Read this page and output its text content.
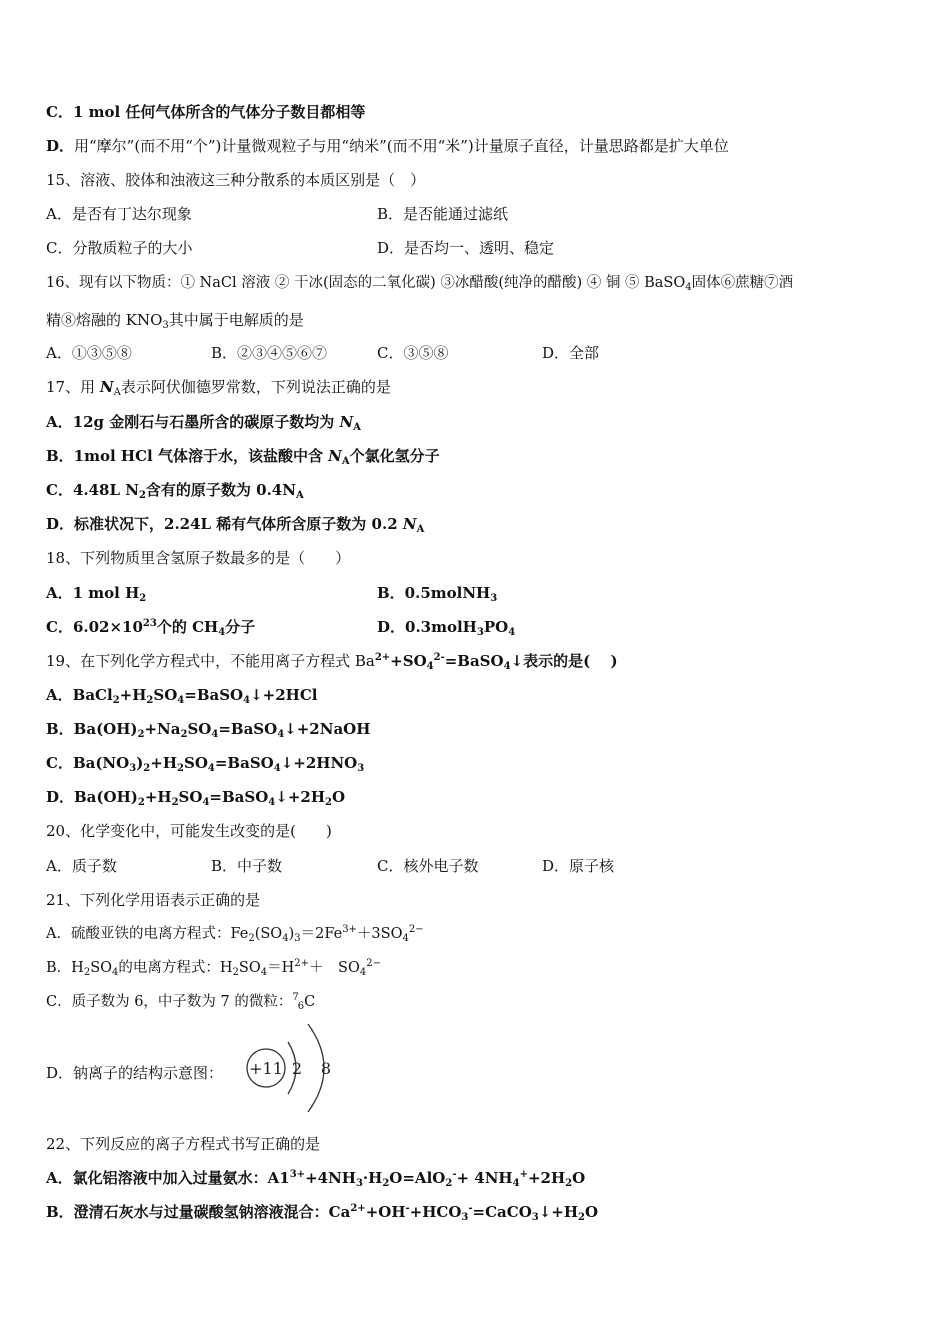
C．1 mol 任何气体所含的气体分子数目都相等
D．用“摩尔”(而不用“个”)计量微观粒子与用“纳米”(而不用“米”)计量原子直径，计量思路都是扩大单位
15、溶液、胶体和浊液这三种分散系的本质区别是（　）
A．是否有丁达尔现象	B．是否能通过滤纸
C．分散质粒子的大小	D．是否均一、透明、稳定
16、现有以下物质：① NaCl 溶液 ② 干冰(固态的二氧化碳) ③冰醋酸(纯净的醋酸) ④ 铜 ⑤ BaSO$_4$固体⑥蔗糖⑦酒
精⑧熔融的 $KNO_3$其中属于电解质的是
A．①③⑤⑧	B．②③④⑤⑥⑦	C．③⑤⑧	D．全部
17、用 $N_A$表示阿伏伽德罗常数，下列说法正确的是
A．12g 金刚石与石墨所含的碳原子数均为 $N_A$
B．1mol HCl 气体溶于水，该盐酸中含 $N_A$个氯化氢分子
C．4.48L $N_2$含有的原子数为 $0.4N_A$
D．标准状况下，2.24L 稀有气体所含原子数为 0.2 $N_A$
18、下列物质里含氢原子数最多的是（　　）
A．1 mol $H_2$	B．0.5molNH$_3$
C．$6.02\times 10^{23}$个的 $CH_4$分子	D．$0.3molH_3PO_4$
19、在下列化学方程式中，不能用离子方程式 $Ba^{2+}+SO_4^{2-}=BaSO_4↓$表示的是(　 )
A．$BaCl_2+H_2SO_4=BaSO_4↓+2HCl$
B．$Ba(OH)_2+Na_2SO_4=BaSO_4↓+2NaOH$
C．$Ba(NO_3)_2+H_2SO_4=BaSO_4↓+2HNO_3$
D．$Ba(OH)_2+H_2SO_4=BaSO_4↓+2H_2O$
20、化学变化中，可能发生改变的是(　　)
A．质子数	B．中子数	C．核外电子数	D．原子核
21、下列化学用语表示正确的是
A．硫酸亚铁的电离方程式：$Fe_2(SO_4)_3=2Fe^{3+}+3SO_4^{2-}$
B．$H_2SO_4$的电离方程式：$H_2SO_4=H^{2+}+$　$SO_4^{2-}$
C．质子数为 6，中子数为 7 的微粒：$^7_6$C
D．钠离子的结构示意图： +11 2 8
22、下列反应的离子方程式书写正确的是
A．氯化铝溶液中加入过量氨水：$A1^{3+}+4NH_3\cdot H_2O=AlO_2^-+ 4NH_4^++2H_2O$
B．澄清石灰水与过量碳酸氢钠溶液混合：$Ca^{2+}+OH^-+HCO_3^-=CaCO_3↓+H_2O$
